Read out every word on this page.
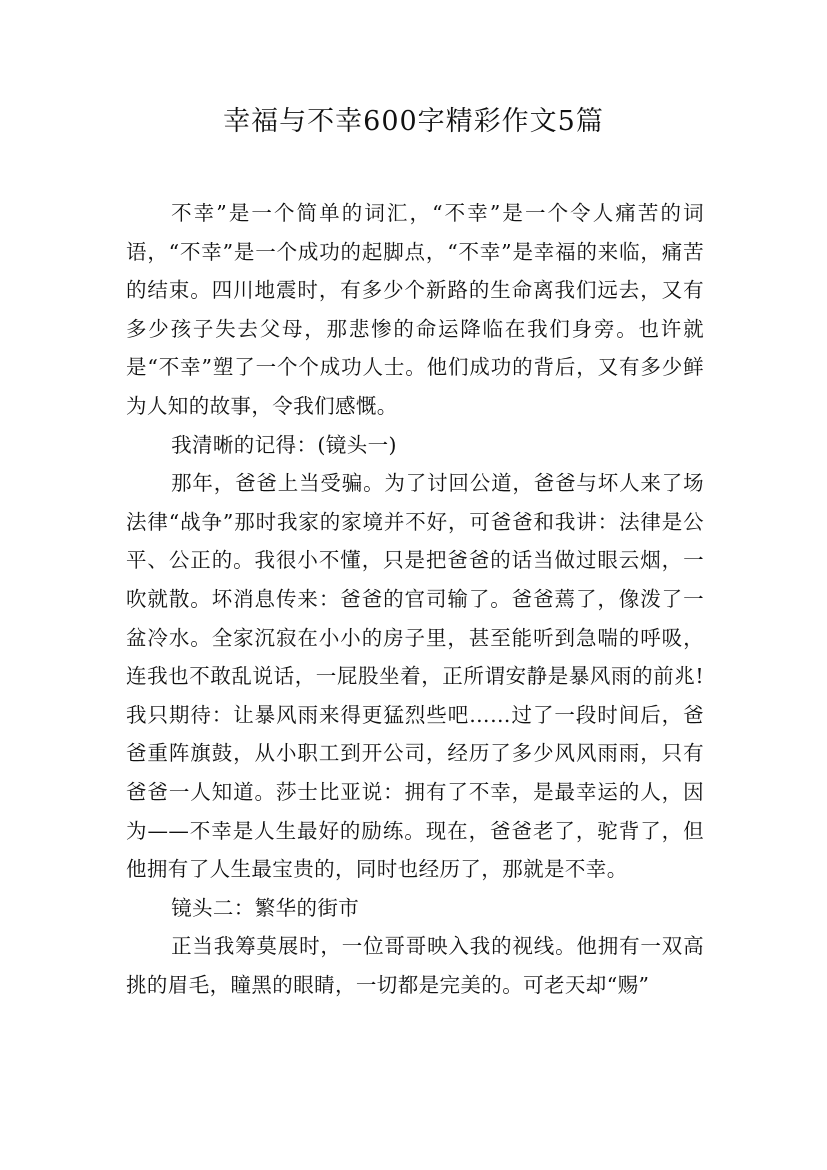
幸福与不幸600字精彩作文5篇

不幸”是一个简单的词汇，“不幸”是一个令人痛苦的词语，“不幸”是一个成功的起脚点，“不幸”是幸福的来临，痛苦的结束。四川地震时，有多少个新路的生命离我们远去，又有多少孩子失去父母，那悲惨的命运降临在我们身旁。也许就是“不幸”塑了一个个成功人士。他们成功的背后，又有多少鲜为人知的故事，令我们感慨。

我清晰的记得：(镜头一)

那年，爸爸上当受骗。为了讨回公道，爸爸与坏人来了场法律“战争”那时我家的家境并不好，可爸爸和我讲：法律是公平、公正的。我很小不懂，只是把爸爸的话当做过眼云烟，一吹就散。坏消息传来：爸爸的官司输了。爸爸蔫了，像泼了一盆冷水。全家沉寂在小小的房子里，甚至能听到急喘的呼吸，连我也不敢乱说话，一屁股坐着，正所谓安静是暴风雨的前兆!我只期待：让暴风雨来得更猛烈些吧……过了一段时间后，爸爸重阵旗鼓，从小职工到开公司，经历了多少风风雨雨，只有爸爸一人知道。莎士比亚说：拥有了不幸，是最幸运的人，因为——不幸是人生最好的励练。现在，爸爸老了，驼背了，但他拥有了人生最宝贵的，同时也经历了，那就是不幸。

镜头二：繁华的街市

正当我筹莫展时，一位哥哥映入我的视线。他拥有一双高挑的眉毛，瞳黑的眼睛，一切都是完美的。可老天却“赐”
